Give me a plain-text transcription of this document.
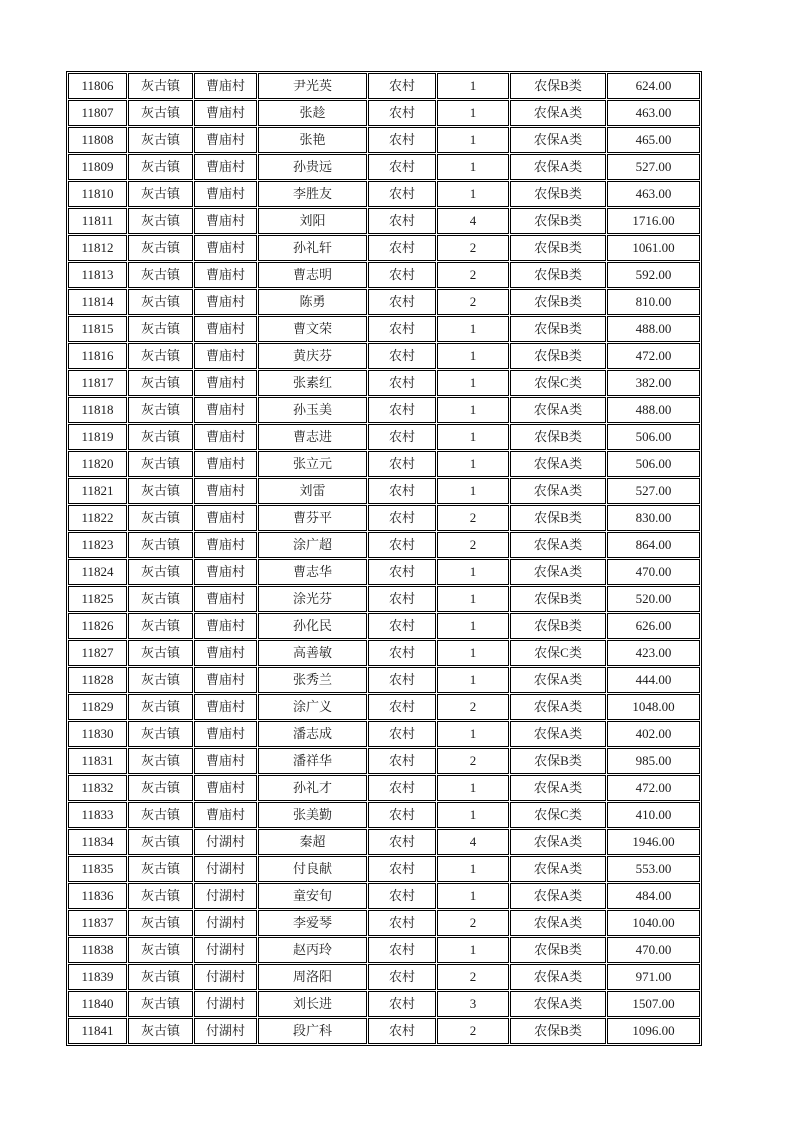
11806	灰古镇	曹庙村	尹光英	农村	1	农保B类	624.00
11807	灰古镇	曹庙村	张趁	农村	1	农保A类	463.00
11808	灰古镇	曹庙村	张艳	农村	1	农保A类	465.00
11809	灰古镇	曹庙村	孙贵远	农村	1	农保A类	527.00
11810	灰古镇	曹庙村	李胜友	农村	1	农保B类	463.00
11811	灰古镇	曹庙村	刘阳	农村	4	农保B类	1716.00
11812	灰古镇	曹庙村	孙礼轩	农村	2	农保B类	1061.00
11813	灰古镇	曹庙村	曹志明	农村	2	农保B类	592.00
11814	灰古镇	曹庙村	陈勇	农村	2	农保B类	810.00
11815	灰古镇	曹庙村	曹文荣	农村	1	农保B类	488.00
11816	灰古镇	曹庙村	黄庆芬	农村	1	农保B类	472.00
11817	灰古镇	曹庙村	张素红	农村	1	农保C类	382.00
11818	灰古镇	曹庙村	孙玉美	农村	1	农保A类	488.00
11819	灰古镇	曹庙村	曹志进	农村	1	农保B类	506.00
11820	灰古镇	曹庙村	张立元	农村	1	农保A类	506.00
11821	灰古镇	曹庙村	刘雷	农村	1	农保A类	527.00
11822	灰古镇	曹庙村	曹芬平	农村	2	农保B类	830.00
11823	灰古镇	曹庙村	涂广超	农村	2	农保A类	864.00
11824	灰古镇	曹庙村	曹志华	农村	1	农保A类	470.00
11825	灰古镇	曹庙村	涂光芬	农村	1	农保B类	520.00
11826	灰古镇	曹庙村	孙化民	农村	1	农保B类	626.00
11827	灰古镇	曹庙村	高善敏	农村	1	农保C类	423.00
11828	灰古镇	曹庙村	张秀兰	农村	1	农保A类	444.00
11829	灰古镇	曹庙村	涂广义	农村	2	农保A类	1048.00
11830	灰古镇	曹庙村	潘志成	农村	1	农保A类	402.00
11831	灰古镇	曹庙村	潘祥华	农村	2	农保B类	985.00
11832	灰古镇	曹庙村	孙礼才	农村	1	农保A类	472.00
11833	灰古镇	曹庙村	张美勤	农村	1	农保C类	410.00
11834	灰古镇	付湖村	秦超	农村	4	农保A类	1946.00
11835	灰古镇	付湖村	付良献	农村	1	农保A类	553.00
11836	灰古镇	付湖村	童安旬	农村	1	农保A类	484.00
11837	灰古镇	付湖村	李爱琴	农村	2	农保A类	1040.00
11838	灰古镇	付湖村	赵丙玲	农村	1	农保B类	470.00
11839	灰古镇	付湖村	周洛阳	农村	2	农保A类	971.00
11840	灰古镇	付湖村	刘长进	农村	3	农保A类	1507.00
11841	灰古镇	付湖村	段广科	农村	2	农保B类	1096.00
